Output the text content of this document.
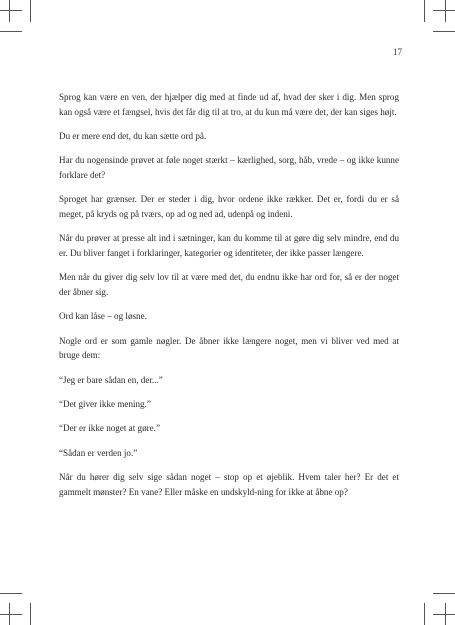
17

Sprog kan være en ven, der hjælper dig med at finde ud af, hvad der sker i dig. Men sprog kan også være et fængsel, hvis det får dig til at tro, at du kun må være det, der kan siges højt.

Du er mere end det, du kan sætte ord på.

Har du nogensinde prøvet at føle noget stærkt – kærlighed, sorg, håb, vrede – og ikke kunne forklare det?

Sproget har grænser. Der er steder i dig, hvor ordene ikke rækker. Det er, fordi du er så meget, på kryds og på tværs, op ad og ned ad, udenpå og indeni.

Når du prøver at presse alt ind i sætninger, kan du komme til at gøre dig selv mindre, end du er. Du bliver fanget i forklaringer, kategorier og identiteter, der ikke passer længere.

Men når du giver dig selv lov til at være med det, du endnu ikke har ord for, så er der noget der åbner sig.

Ord kan låse – og løsne.

Nogle ord er som gamle nøgler. De åbner ikke længere noget, men vi bliver ved med at bruge dem:

“Jeg er bare sådan en, der...”

“Det giver ikke mening.”

“Der er ikke noget at gøre.”

“Sådan er verden jo.”

Når du hører dig selv sige sådan noget – stop op et øjeblik. Hvem taler her? Er det et gammelt mønster? En vane? Eller måske en undskyld-ning for ikke at åbne op?
